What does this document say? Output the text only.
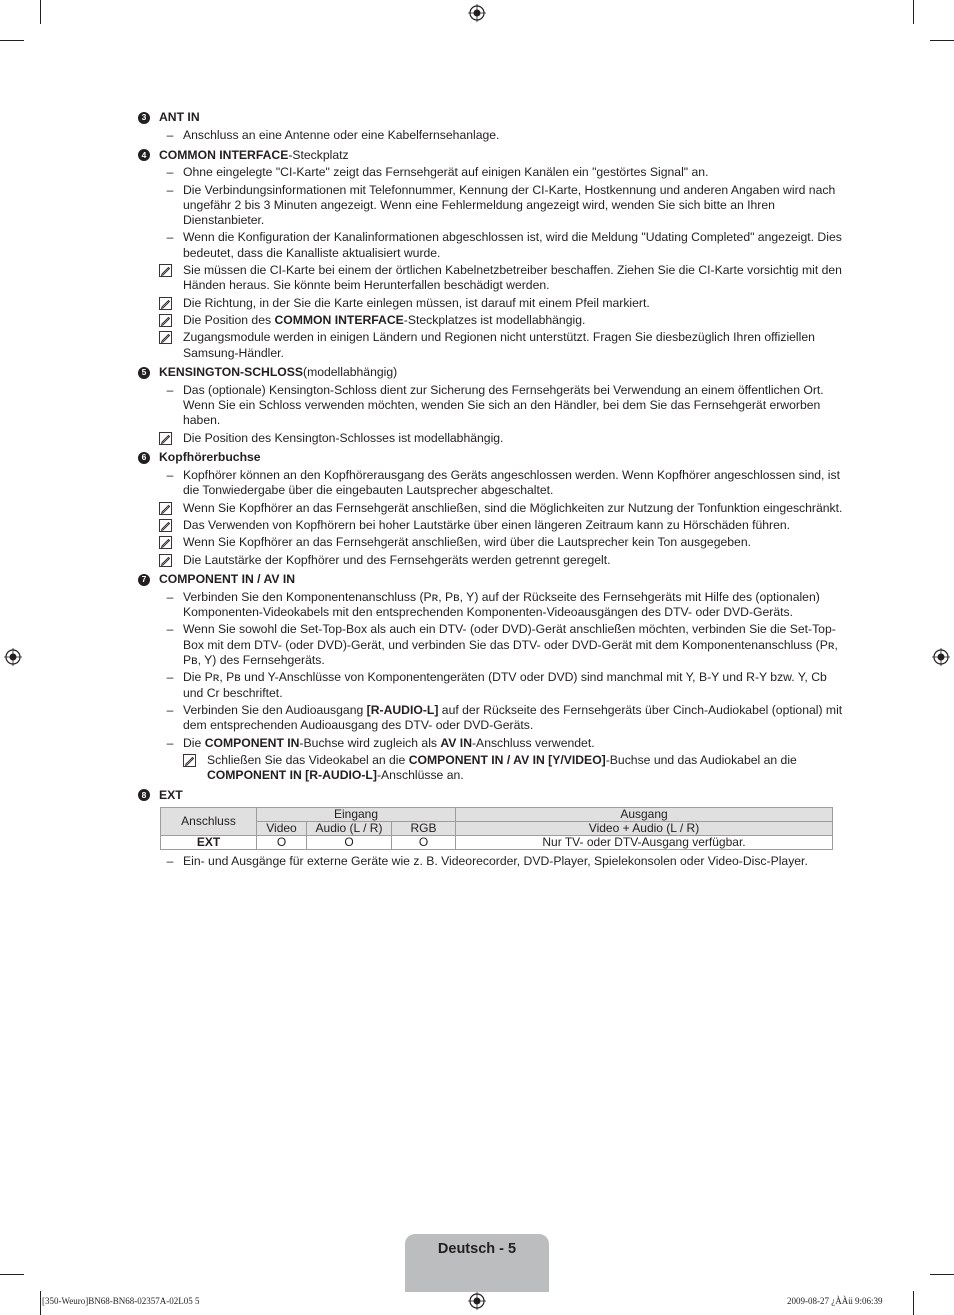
3 ANT IN
– Anschluss an eine Antenne oder eine Kabelfernsehanlage.
4 COMMON INTERFACE -Steckplatz
– Ohne eingelegte "CI-Karte" zeigt das Fernsehgerät auf einigen Kanälen ein "gestörtes Signal" an.
– Die Verbindungsinformationen mit Telefonnummer, Kennung der CI-Karte, Hostkennung und anderen Angaben wird nach ungefähr 2 bis 3 Minuten angezeigt. Wenn eine Fehlermeldung angezeigt wird, wenden Sie sich bitte an Ihren Dienstanbieter.
– Wenn die Konfiguration der Kanalinformationen abgeschlossen ist, wird die Meldung "Udating Completed" angezeigt. Dies bedeutet, dass die Kanalliste aktualisiert wurde.
Sie müssen die CI-Karte bei einem der örtlichen Kabelnetzbetreiber beschaffen. Ziehen Sie die CI-Karte vorsichtig mit den Händen heraus. Sie könnte beim Herunterfallen beschädigt werden.
Die Richtung, in der Sie die Karte einlegen müssen, ist darauf mit einem Pfeil markiert.
Die Position des COMMON INTERFACE-Steckplatzes ist modellabhängig.
Zugangsmodule werden in einigen Ländern und Regionen nicht unterstützt. Fragen Sie diesbezüglich Ihren offiziellen Samsung-Händler.
5 KENSINGTON-SCHLOSS (modellabhängig)
– Das (optionale) Kensington-Schloss dient zur Sicherung des Fernsehgeräts bei Verwendung an einem öffentlichen Ort. Wenn Sie ein Schloss verwenden möchten, wenden Sie sich an den Händler, bei dem Sie das Fernsehgerät erworben haben.
Die Position des Kensington-Schlosses ist modellabhängig.
6 Kopfhörerbuchse
– Kopfhörer können an den Kopfhörerausgang des Geräts angeschlossen werden. Wenn Kopfhörer angeschlossen sind, ist die Tonwiedergabe über die eingebauten Lautsprecher abgeschaltet.
Wenn Sie Kopfhörer an das Fernsehgerät anschließen, sind die Möglichkeiten zur Nutzung der Tonfunktion eingeschränkt.
Das Verwenden von Kopfhörern bei hoher Lautstärke über einen längeren Zeitraum kann zu Hörschäden führen.
Wenn Sie Kopfhörer an das Fernsehgerät anschließen, wird über die Lautsprecher kein Ton ausgegeben.
Die Lautstärke der Kopfhörer und des Fernsehgeräts werden getrennt geregelt.
7 COMPONENT IN / AV IN
– Verbinden Sie den Komponentenanschluss (Pʀ, Pʙ, Y) auf der Rückseite des Fernsehgeräts mit Hilfe des (optionalen) Komponenten-Videokabels mit den entsprechenden Komponenten-Videoausgängen des DTV- oder DVD-Geräts.
– Wenn Sie sowohl die Set-Top-Box als auch ein DTV- (oder DVD)-Gerät anschließen möchten, verbinden Sie die Set-Top-Box mit dem DTV- (oder DVD)-Gerät, und verbinden Sie das DTV- oder DVD-Gerät mit dem Komponentenanschluss (Pʀ, Pʙ, Y) des Fernsehgeräts.
– Die Pʀ, Pʙ und Y-Anschlüsse von Komponentengeräten (DTV oder DVD) sind manchmal mit Y, B-Y und R-Y bzw. Y, Cb und Cr beschriftet.
– Verbinden Sie den Audioausgang [R-AUDIO-L] auf der Rückseite des Fernsehgeräts über Cinch-Audiokabel (optional) mit dem entsprechenden Audioausgang des DTV- oder DVD-Geräts.
– Die COMPONENT IN-Buchse wird zugleich als AV IN-Anschluss verwendet.
Schließen Sie das Videokabel an die COMPONENT IN / AV IN [Y/VIDEO]-Buchse und das Audiokabel an die COMPONENT IN [R-AUDIO-L]-Anschlüsse an.
8 EXT
Anschluss	Eingang			Ausgang
	Video	Audio (L / R)	RGB	Video + Audio (L / R)
EXT	O	O	O	Nur TV- oder DTV-Ausgang verfügbar.
– Ein- und Ausgänge für externe Geräte wie z. B. Videorecorder, DVD-Player, Spielekonsolen oder Video-Disc-Player.
Deutsch - 5
[350-Weuro]BN68-BN68-02357A-02L05 5	2009-08-27 ¿ÀÀü 9:06:39
